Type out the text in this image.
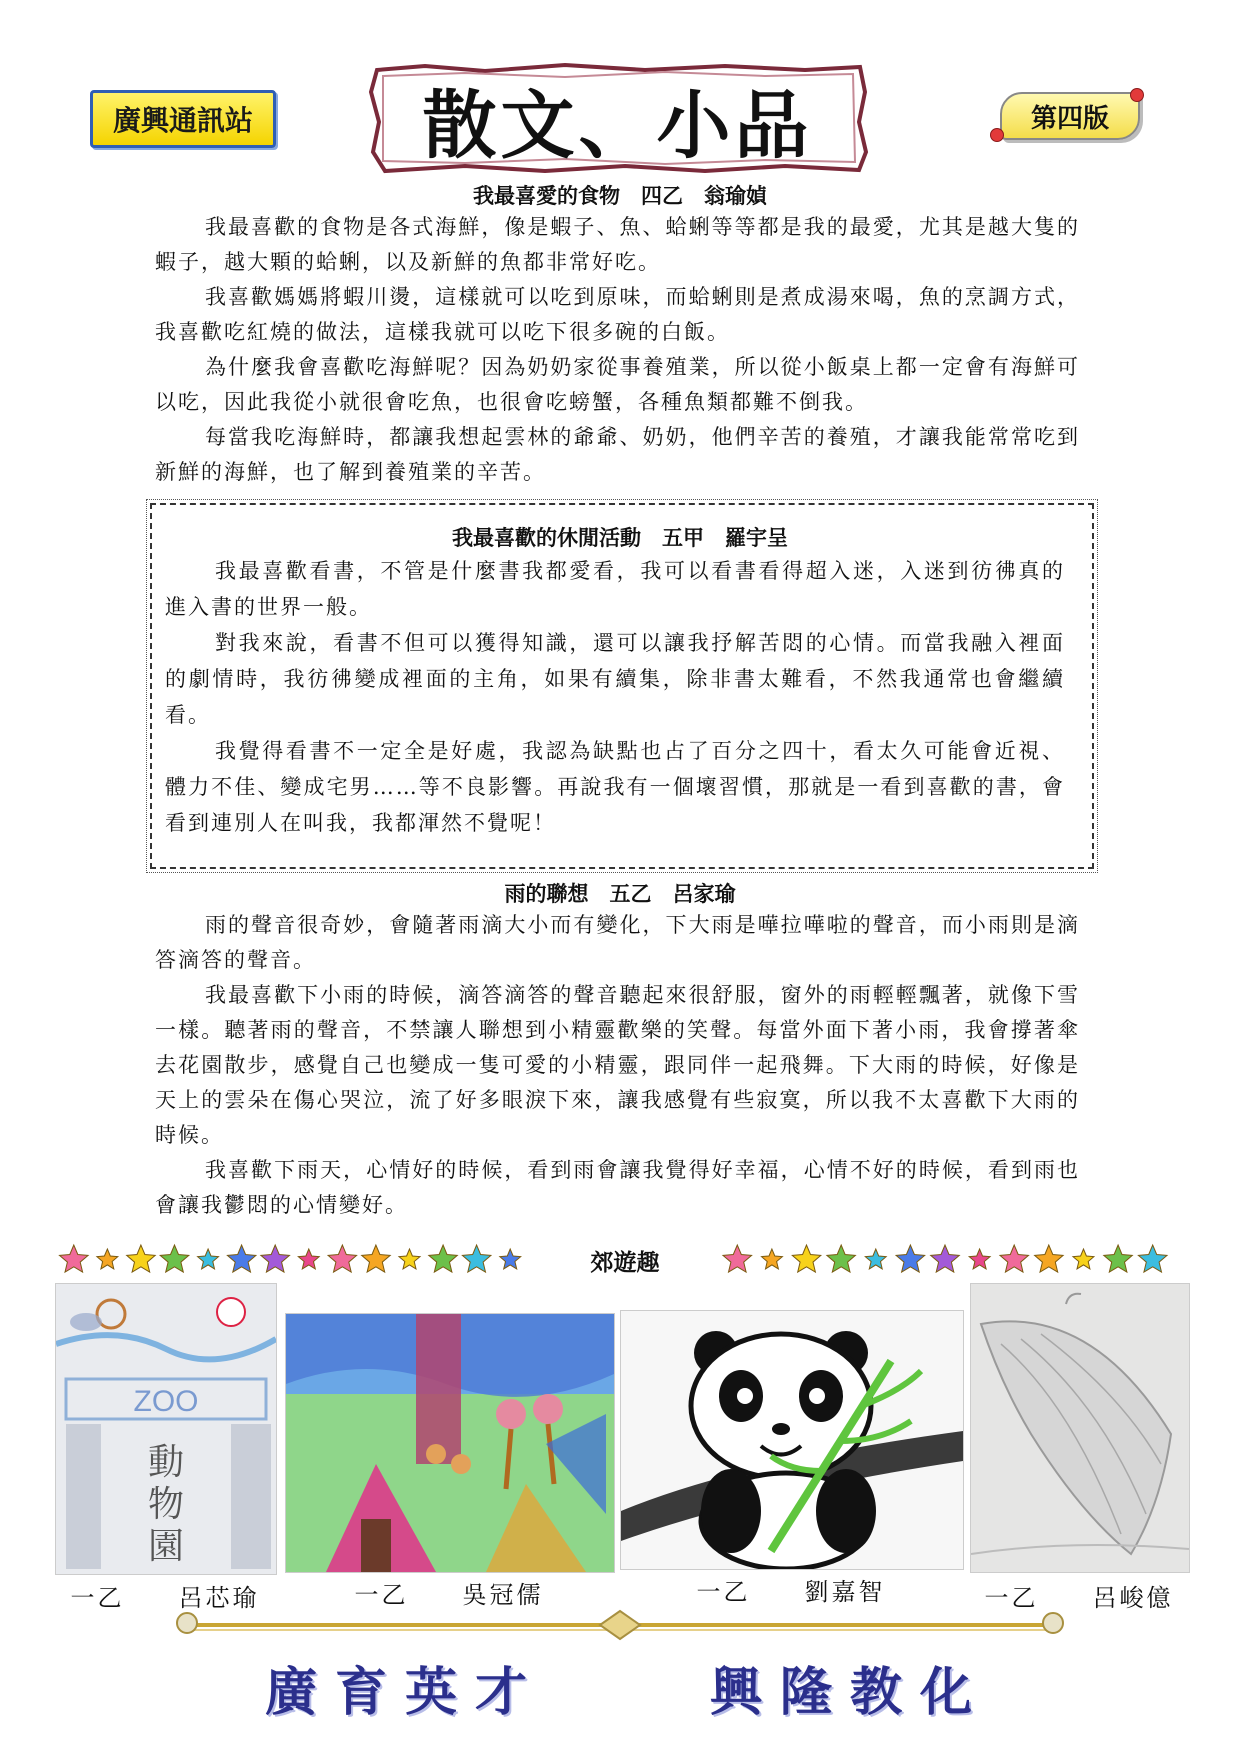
廣興通訊站	散文、小品	第四版
我最喜愛的食物　四乙　翁瑜媜

我最喜歡的食物是各式海鮮，像是蝦子、魚、蛤蜊等等都是我的最愛，尤其是越大隻的蝦子，越大顆的蛤蜊，以及新鮮的魚都非常好吃。

我喜歡媽媽將蝦川燙，這樣就可以吃到原味，而蛤蜊則是煮成湯來喝，魚的烹調方式，我喜歡吃紅燒的做法，這樣我就可以吃下很多碗的白飯。

為什麼我會喜歡吃海鮮呢？因為奶奶家從事養殖業，所以從小飯桌上都一定會有海鮮可以吃，因此我從小就很會吃魚，也很會吃螃蟹，各種魚類都難不倒我。

每當我吃海鮮時，都讓我想起雲林的爺爺、奶奶，他們辛苦的養殖，才讓我能常常吃到新鮮的海鮮，也了解到養殖業的辛苦。

我最喜歡的休閒活動　五甲　羅宇呈

我最喜歡看書，不管是什麼書我都愛看，我可以看書看得超入迷，入迷到彷彿真的進入書的世界一般。

對我來說，看書不但可以獲得知識，還可以讓我抒解苦悶的心情。而當我融入裡面的劇情時，我彷彿變成裡面的主角，如果有續集，除非書太難看，不然我通常也會繼續看。

我覺得看書不一定全是好處，我認為缺點也占了百分之四十，看太久可能會近視、體力不佳、變成宅男……等不良影響。再說我有一個壞習慣，那就是一看到喜歡的書，會看到連別人在叫我，我都渾然不覺呢！

雨的聯想　五乙　呂家瑜

雨的聲音很奇妙，會隨著雨滴大小而有變化，下大雨是嘩拉嘩啦的聲音，而小雨則是滴答滴答的聲音。

我最喜歡下小雨的時候，滴答滴答的聲音聽起來很舒服，窗外的雨輕輕飄著，就像下雪一樣。聽著雨的聲音，不禁讓人聯想到小精靈歡樂的笑聲。每當外面下著小雨，我會撐著傘去花園散步，感覺自己也變成一隻可愛的小精靈，跟同伴一起飛舞。下大雨的時候，好像是天上的雲朵在傷心哭泣，流了好多眼淚下來，讓我感覺有些寂寞，所以我不太喜歡下大雨的時候。

我喜歡下雨天，心情好的時候，看到雨會讓我覺得好幸福，心情不好的時候，看到雨也會讓我鬱悶的心情變好。

郊遊趣
ZOO
動物園
一乙　　呂芯瑜	一乙　　吳冠儒	一乙　　劉嘉智	一乙　　呂峻億
廣育英才	興隆教化
